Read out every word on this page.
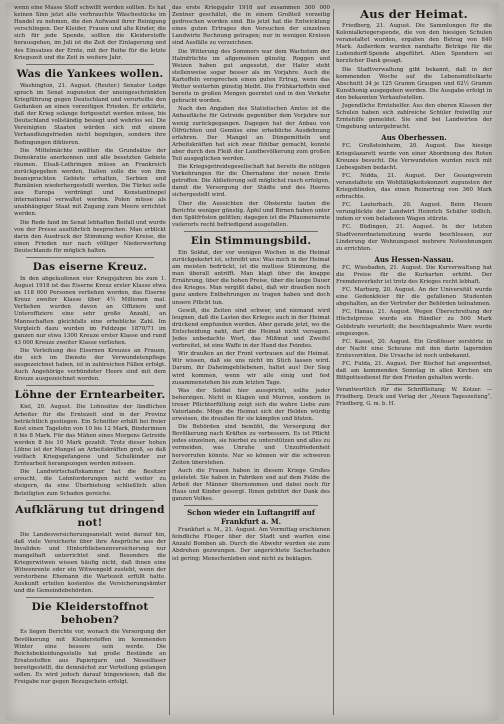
wenn eine Masse Stoff schwillt werden sollten. Es hat keinen Sinn jetzt alte verbrauchte Wäschestücke im Handel zu nehmen, die den Aufwand ihrer Reinigung verschlingen. Der Kleider, Frauen und alte Kinder, die sich für jede Spende, sollten die Kleiderstoffe herausgehen, im Juli ist die Zeit der Einlagerung und des Einsatzes der Ernte, mit der Reihe für die letzte Kriegszeit und die Zeit in weitere Jahr.

Was die Yankees wollen.

Washington, 21. August. (Reuter.) Senator Lodge sprach im Senat zugunsten der uneingeschränkten Kriegführung gegen Deutschland und verurteilte den Gedanken an einen vorzeitigen Frieden. Er erklärte, daß der Krieg solange fortgesetzt werden müsse, bis Deutschland vollständig besiegt und wehrlos sei. Die Vereinigten Staaten würden sich mit einem Verhandlungsfrieden nicht begnügen, sondern ihre Bedingungen diktieren.

Die Mittelmächte müßten die Grundsätze der Demokratie anerkennen und alle besetzten Gebiete räumen. Elsaß-Lothringen müsse an Frankreich zurückgegeben werden, Italien solle die von ihm beanspruchten Gebiete erhalten, Serbien und Rumänien wiederhergestellt werden. Die Türkei solle aus Europa verdrängt und Konstantinopel international verwaltet werden. Polen müsse als unabhängiger Staat mit Zugang zum Meere errichtet werden.

Die Rede fand im Senat lebhaften Beifall und wurde von der Presse ausführlich besprochen. Man erblickt darin den Ausdruck der Stimmung weiter Kreise, die einen Frieden nur nach völliger Niederwerfung Deutschlands für möglich halten.

Das eiserne Kreuz.

In den abgelaufenen vier Kriegsjahren bis zum 1. August 1918 ist das Eiserne Kreuz erster Klasse etwa an 118 000 Personen verliehen worden, das Eiserne Kreuz zweiter Klasse über 4½ Millionen mal. Verliehen wurden davon an Offiziere und Unteroffiziere eine sehr große Anzahl, an Mannschaften gleichfalls eine erhebliche Zahl. Im Vergleich dazu wurden im Feldzuge 1870/71 im ganzen nur etwa 1300 Kreuze erster Klasse und rund 43 000 Kreuze zweiter Klasse verliehen.

Die Verleihung des Eisernen Kreuzes an Frauen, die sich im Dienste der Verwundetenpflege ausgezeichnet haben, ist in zahlreichen Fällen erfolgt. Auch Angehörige verbündeter Heere sind mit dem Kreuze ausgezeichnet worden.

Löhne der Erntearbeiter.

Kiel, 20. August. Die Lohnsätze der ländlichen Arbeiter für die Erntezeit sind in der Provinz beträchtlich gestiegen. Ein Schnitter erhält bei freier Kost einen Tagelohn von 10 bis 12 Mark, Binderinnen 6 bis 8 Mark. Für das Mähen eines Morgens Getreide werden 8 bis 10 Mark gezahlt. Trotz dieser hohen Löhne ist der Mangel an Arbeitskräften groß, so daß vielfach Kriegsgefangene und Schulkinder zur Erntearbeit herangezogen werden müssen.

Die Landwirtschaftskammer hat die Besitzer ersucht, die Lohnforderungen nicht weiter zu steigern, da eine Überbietung schließlich allen Beteiligten zum Schaden gereiche.

Aufklärung tut dringend not!

Die Landesversicherungsanstalt weist darauf hin, daß viele Versicherte über ihre Ansprüche aus der Invaliden- und Hinterbliebenenversicherung nur mangelhaft unterrichtet sind. Besonders die Kriegerwitwen wissen häufig nicht, daß ihnen eine Witwenrente oder ein Witwengeld zusteht, wenn der verstorbene Ehemann die Wartezeit erfüllt hatte. Auskunft erteilen kostenlos die Versicherungsämter und die Gemeindebehörden.

Die Kleiderstoffnot behoben?

Es liegen Berichte vor, wonach die Versorgung der Bevölkerung mit Kleiderstoffen im kommenden Winter eine bessere sein werde. Die Reichsbekleidungsstelle hat große Bestände an Ersatzstoffen aus Papiergarn und Nesselfaser bereitgestellt, die demnächst zur Verteilung gelangen sollen. Es wird jedoch darauf hingewiesen, daß die Freigabe nur gegen Bezugschein erfolgt.

das erste Kriegsjahr 1918 auf zusammen 300 000 Zentner geschätzt, die in einem Großteil vorzeitig gedroschen worden sind. Bis jetzt hat die Entwicklung eines guten Ertrages den Versuchen der einzelnen Landwirte Rechnung getragen; nur in wenigen Kreisen sind Ausfälle zu verzeichnen.

Die Witterung des Sommers war dem Wachstum der Halmfrüchte im allgemeinen günstig. Roggen und Weizen haben gut angesetzt, der Hafer steht stellenweise sogar besser als im Vorjahre. Auch die Kartoffeln versprechen einen guten Ertrag, wenn das Wetter weiterhin günstig bleibt. Die Frühkartoffeln sind bereits in großen Mengen geerntet und in den Verkehr gebracht worden.

Nach den Angaben des Statistischen Amtes ist die Anbaufläche für Getreide gegenüber dem Vorjahre nur wenig zurückgegangen. Dagegen hat der Anbau von Ölfrüchten und Gemüse eine erhebliche Ausdehnung erfahren. Der Mangel an Düngemitteln und Arbeitskräften hat sich zwar fühlbar gemacht, konnte aber durch den Fleiß der Landbevölkerung zum großen Teil ausgeglichen werden.

Die Kriegsgetreidegesellschaft hat bereits die nötigen Vorkehrungen für die Übernahme der neuen Ernte getroffen. Die Ablieferung soll möglichst rasch erfolgen, damit die Versorgung der Städte und des Heeres sichergestellt wird.

Über die Aussichten der Obsternte lauten die Berichte weniger günstig. Äpfel und Birnen haben unter den Spätfrösten gelitten; dagegen ist die Pflaumenernte vielerorts recht befriedigend ausgefallen.

Ein Stimmungsbild.

Ein Soldat, der vor wenigen Wochen in die Heimat zurückgekehrt ist, schreibt uns: Was mich in der Heimat am meisten bedrückt, ist die mutlose Stimmung, die man überall antrifft. Man klagt über die knappe Ernährung, über die hohen Preise, über die lange Dauer des Krieges. Man vergißt dabei, daß wir draußen noch ganz andere Entbehrungen zu tragen haben und doch unsere Pflicht tun.

Gewiß, die Zeiten sind schwer, und niemand wird leugnen, daß die Lasten des Krieges auch in der Heimat drückend empfunden werden. Aber gerade jetzt, wo die Entscheidung naht, darf die Heimat nicht versagen. Jedes unbedachte Wort, das Mißmut und Zweifel verbreitet, ist eine Waffe in der Hand des Feindes.

Wir draußen an der Front vertrauen auf die Heimat. Wir wissen, daß sie uns nicht im Stich lassen wird. Darum, ihr Daheimgebliebenen, haltet aus! Der Sieg wird kommen, wenn wir alle einig und fest zusammenstehen bis zum letzten Tage.

Was der Soldat hier ausspricht, sollte jeder beherzigen. Nicht in Klagen und Murren, sondern in treuer Pflichterfüllung zeigt sich die wahre Liebe zum Vaterlande. Möge die Heimat sich der Helden würdig erweisen, die draußen für sie kämpfen und bluten.

Die Behörden sind bemüht, die Versorgung der Bevölkerung nach Kräften zu verbessern. Es ist Pflicht jedes einzelnen, sie hierbei zu unterstützen und alles zu vermeiden, was Unruhe und Unzufriedenheit hervorrufen könnte. Nur so können wir die schweren Zeiten überstehen.

Auch die Frauen haben in diesem Kriege Großes geleistet. Sie haben in Fabriken und auf dem Felde die Arbeit der Männer übernommen und dabei noch für Haus und Kinder gesorgt. Ihnen gebührt der Dank des ganzen Volkes.

Schon wieder ein Luftangriff auf Frankfurt a. M.

Frankfurt a. M., 21. August. Am Vormittag erschienen feindliche Flieger über der Stadt und warfen eine Anzahl Bomben ab. Durch die Abwehr wurden sie zum Abdrehen gezwungen. Der angerichtete Sachschaden ist gering; Menschenleben sind nicht zu beklagen.

Aus der Heimat.

Friedberg, 21. August. Die Sammlungen für die Kolonialkriegerspende, die von den hiesigen Schulen veranstaltet wurden, ergaben den Betrag von 840 Mark. Außerdem wurden namhafte Beträge für die Ludendorff-Spende abgeführt. Allen Spendern sei herzlicher Dank gesagt.

Die Stadtverwaltung gibt bekannt, daß in der kommenden Woche auf die Lebensmittelkarte Abschnitt 34 je 125 Gramm Graupen und 62½ Gramm Kunsthonig ausgegeben werden. Die Ausgabe erfolgt in den bekannten Verkaufsstellen.

Jugendliche Erntehelfer. Aus den oberen Klassen der Schulen haben sich zahlreiche Schüler freiwillig zur Erntehilfe gemeldet. Sie sind bei Landwirten der Umgebung untergebracht.

Aus Oberhessen.

FC. Großsteinheim, 20. August. Das hiesige Kriegslazarett wurde von einer Abordnung des Roten Kreuzes besucht. Die Verwundeten wurden reich mit Liebesgaben bedacht.

FC. Nidda, 21. August. Der Gesangverein veranstaltete ein Wohltätigkeitskonzert zugunsten der Kriegsblinden, das einen Reinertrag von 360 Mark erbrachte.

FC. Lauterbach, 20. August. Beim Heuen verunglückte der Landwirt Heinrich Schäfer tödlich, indem er vom beladenen Wagen stürzte.

FC. Büdingen, 21. August. In der letzten Stadtverordnetensitzung wurde beschlossen, zur Linderung der Wohnungsnot mehrere Notwohnungen zu errichten.

Aus Hessen-Nassau.

FC. Wiesbaden, 21. August. Die Kurverwaltung hat die Preise für die Kurkarten erhöht. Der Fremdenverkehr ist trotz des Krieges recht lebhaft.

FC. Marburg, 20. August. An der Universität wurde eine Gedenkfeier für die gefallenen Studenten abgehalten, an der Vertreter der Behörden teilnahmen.

FC. Hanau, 21. August. Wegen Überschreitung der Höchstpreise wurde ein Händler zu 500 Mark Geldstrafe verurteilt; die beschlagnahmte Ware wurde eingezogen.

FC. Kassel, 20. August. Ein Großfeuer zerstörte in der Nacht eine Scheune mit den darin lagernden Erntevorräten. Die Ursache ist noch unbekannt.

FC. Fulda, 21. August. Der Bischof hat angeordnet, daß am kommenden Sonntag in allen Kirchen ein Bittgottesdienst für den Frieden gehalten werde.

Verantwortlich für die Schriftleitung: W. Kotzer. — Friedberg. Druck und Verlag der „Neuen Tageszeitung“, Friedberg, G. m. b. H.
